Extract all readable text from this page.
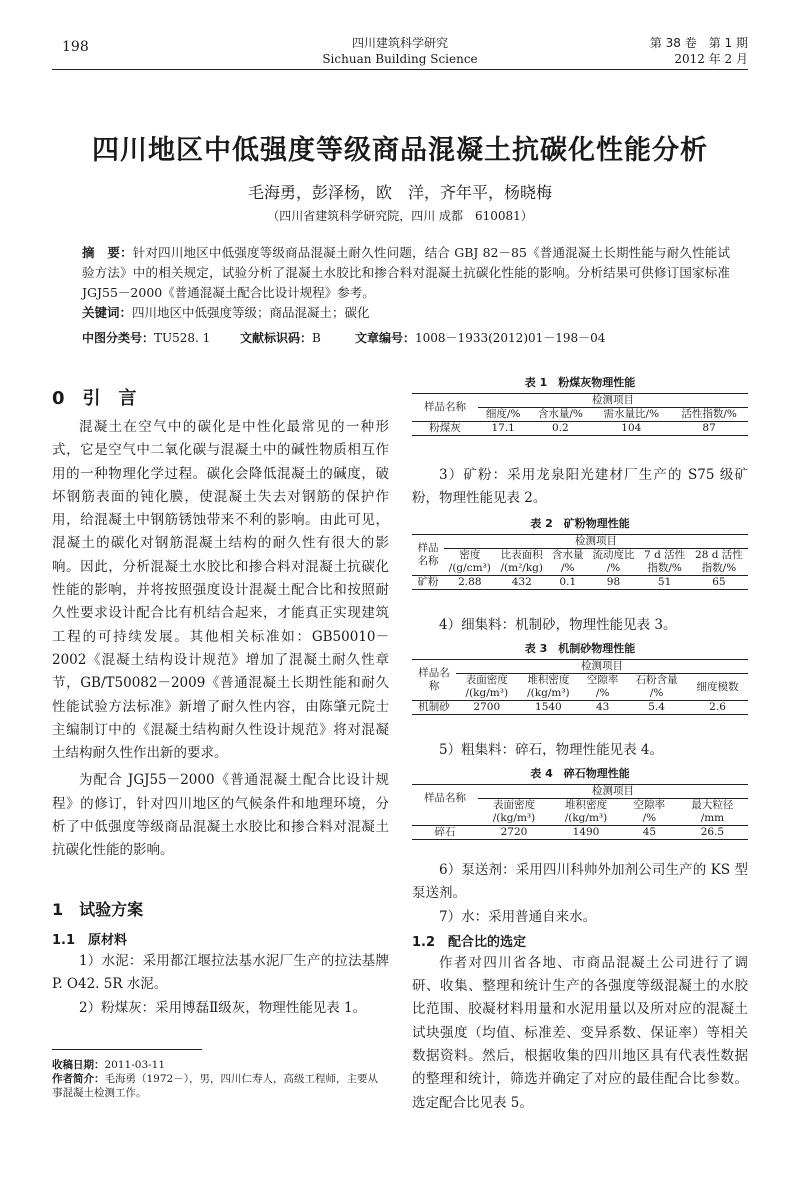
198	四川建筑科学研究
Sichuan Building Science
第 38 卷　第 1 期
2012 年 2 月
四川地区中低强度等级商品混凝土抗碳化性能分析
毛海勇，彭泽杨，欧　洋，齐年平，杨晓梅
（四川省建筑科学研究院，四川 成都　610081）
摘　要：针对四川地区中低强度等级商品混凝土耐久性问题，结合 GBJ 82－85《普通混凝土长期性能与耐久性能试验方法》中的相关规定，试验分析了混凝土水胶比和掺合料对混凝土抗碳化性能的影响。分析结果可供修订国家标准 JGJ55－2000《普通混凝土配合比设计规程》参考。
关键词：四川地区中低强度等级；商品混凝土；碳化
中图分类号：TU528. 1 文献标识码：B	文章编号：1008－1933(2012)01－198－04
0　引　言

混凝土在空气中的碳化是中性化最常见的一种形式，它是空气中二氧化碳与混凝土中的碱性物质相互作用的一种物理化学过程。碳化会降低混凝土的碱度，破坏钢筋表面的钝化膜，使混凝土失去对钢筋的保护作用，给混凝土中钢筋锈蚀带来不利的影响。由此可见，混凝土的碳化对钢筋混凝土结构的耐久性有很大的影响。因此，分析混凝土水胶比和掺合料对混凝土抗碳化性能的影响，并将按照强度设计混凝土配合比和按照耐久性要求设计配合比有机结合起来，才能真正实现建筑工程的可持续发展。其他相关标准如：GB50010－2002《混凝土结构设计规范》增加了混凝土耐久性章节，GB/T50082－2009《普通混凝土长期性能和耐久性能试验方法标准》新增了耐久性内容，由陈肇元院士主编制订中的《混凝土结构耐久性设计规范》将对混凝土结构耐久性作出新的要求。

为配合 JGJ55－2000《普通混凝土配合比设计规程》的修订，针对四川地区的气候条件和地理环境，分析了中低强度等级商品混凝土水胶比和掺合料对混凝土抗碳化性能的影响。

1　试验方案
1.1　原材料

1）水泥：采用都江堰拉法基水泥厂生产的拉法基牌 P. O42. 5R 水泥。

2）粉煤灰：采用博磊Ⅱ级灰，物理性能见表 1。

收稿日期：2011-03-11
作者简介：毛海勇（1972－），男，四川仁寿人，高级工程师，主要从事混凝土检测工作。
表 1　粉煤灰物理性能
样品名称	检测项目			
	细度/%	含水量/%	需水量比/%	活性指数/%
粉煤灰	17.1	0.2	104	87

3）矿粉：采用龙泉阳光建材厂生产的 S75 级矿粉，物理性能见表 2。

表 2　矿粉物理性能
样品名称	检测项目					
	密度	比表面积	含水量	流动度比	7 d 活性	28 d 活性
	/(g/cm³)	/(m²/kg)	/%	/%	指数/%	指数/%
矿粉	2.88	432	0.1	98	51	65

4）细集料：机制砂，物理性能见表 3。

表 3　机制砂物理性能
样品名称	检测项目				
	表面密度	堆积密度	空隙率	石粉含量	细度模数
	/(kg/m³)	/(kg/m³)	/%	/%	
机制砂	2700	1540	43	5.4	2.6

5）粗集料：碎石，物理性能见表 4。

表 4　碎石物理性能
样品名称	检测项目			
	表面密度	堆积密度	空隙率	最大粒径
	/(kg/m³)	/(kg/m³)	/%	/mm
碎石	2720	1490	45	26.5

6）泵送剂：采用四川科帅外加剂公司生产的 KS 型泵送剂。

7）水：采用普通自来水。

1.2　配合比的选定

作者对四川省各地、市商品混凝土公司进行了调研、收集、整理和统计生产的各强度等级混凝土的水胶比范围、胶凝材料用量和水泥用量以及所对应的混凝土试块强度（均值、标准差、变异系数、保证率）等相关数据资料。然后，根据收集的四川地区具有代表性数据的整理和统计，筛选并确定了对应的最佳配合比参数。选定配合比见表 5。
